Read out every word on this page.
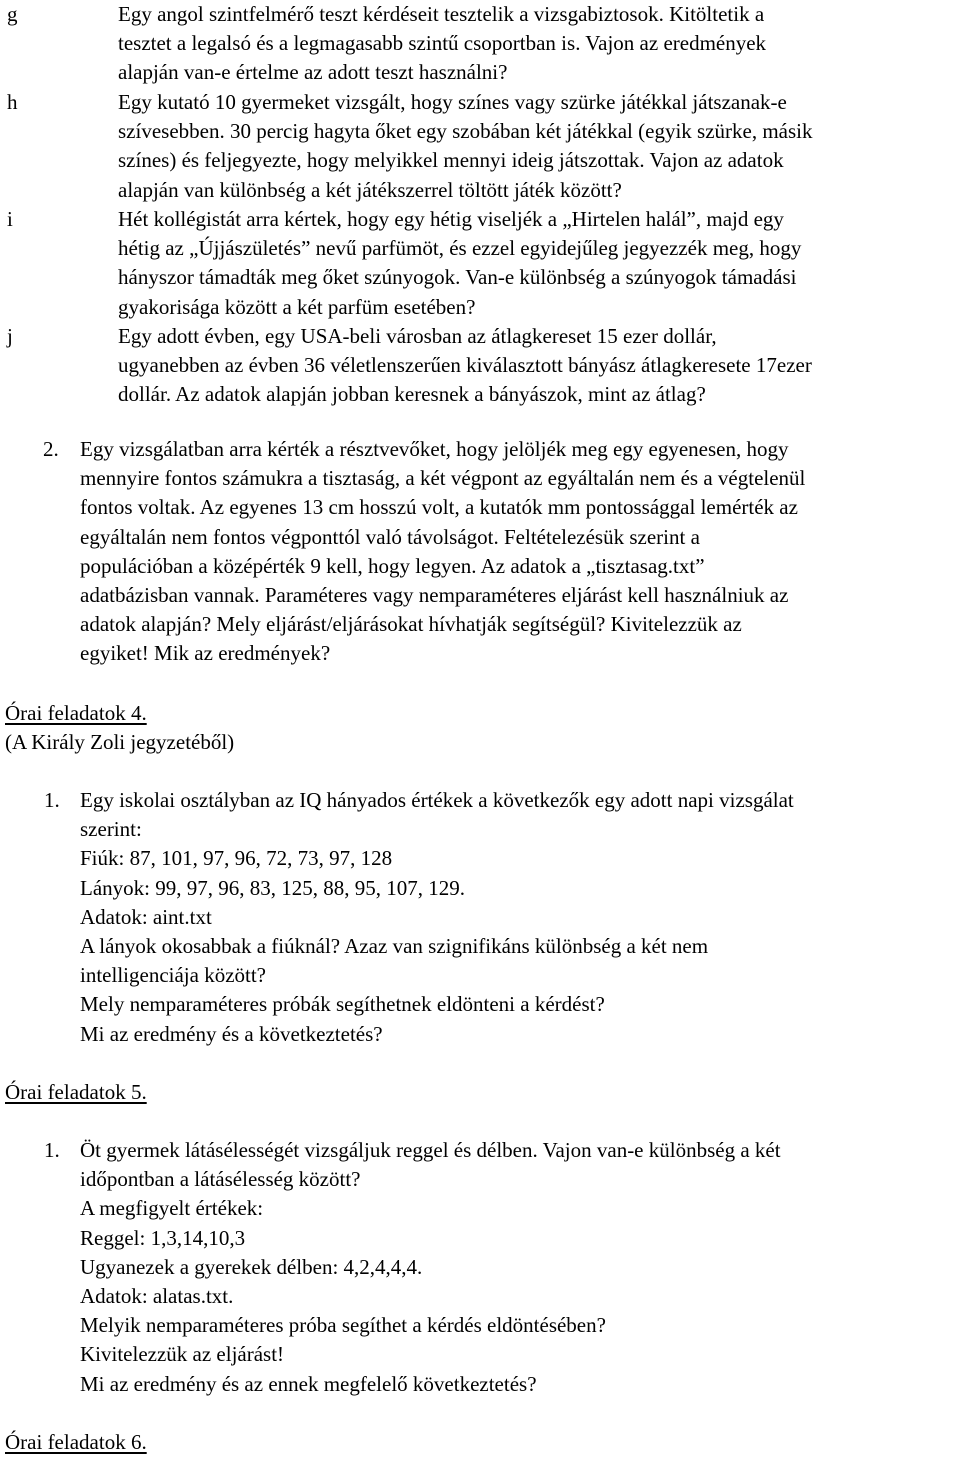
g	Egy angol szintfelmérő teszt kérdéseit tesztelik a vizsgabiztosok. Kitöltetik a
tesztet a legalsó és a legmagasabb szintű csoportban is. Vajon az eredmények
alapján van-e értelme az adott teszt használni?
h	Egy kutató 10 gyermeket vizsgált, hogy színes vagy szürke játékkal játszanak-e
szívesebben. 30 percig hagyta őket egy szobában két játékkal (egyik szürke, másik
színes) és feljegyezte, hogy melyikkel mennyi ideig játszottak. Vajon az adatok
alapján van különbség a két játékszerrel töltött játék között?
i	Hét kollégistát arra kértek, hogy egy hétig viseljék a „Hirtelen halál”, majd egy
hétig az „Újjászületés” nevű parfümöt, és ezzel egyidejűleg jegyezzék meg, hogy
hányszor támadták meg őket szúnyogok. Van-e különbség a szúnyogok támadási
gyakorisága között a két parfüm esetében?
j	Egy adott évben, egy USA-beli városban az átlagkereset 15 ezer dollár,
ugyanebben az évben 36 véletlenszerűen kiválasztott bányász átlagkeresete 17ezer
dollár. Az adatok alapján jobban keresnek a bányászok, mint az átlag?
2. Egy vizsgálatban arra kérték a résztvevőket, hogy jelöljék meg egy egyenesen, hogy
mennyire fontos számukra a tisztaság, a két végpont az egyáltalán nem és a végtelenül
fontos voltak. Az egyenes 13 cm hosszú volt, a kutatók mm pontossággal lemérték az
egyáltalán nem fontos végponttól való távolságot. Feltételezésük szerint a
populációban a középérték 9 kell, hogy legyen. Az adatok a „tisztasag.txt”
adatbázisban vannak. Paraméteres vagy nemparaméteres eljárást kell használniuk az
adatok alapján? Mely eljárást/eljárásokat hívhatják segítségül? Kivitelezzük az
egyiket! Mik az eredmények?
Órai feladatok 4.
(A Király Zoli jegyzetéből)
1. Egy iskolai osztályban az IQ hányados értékek a következők egy adott napi vizsgálat
szerint:
Fiúk: 87, 101, 97, 96, 72, 73, 97, 128
Lányok: 99, 97, 96, 83, 125, 88, 95, 107, 129.
Adatok: aint.txt
A lányok okosabbak a fiúknál? Azaz van szignifikáns különbség a két nem
intelligenciája között?
Mely nemparaméteres próbák segíthetnek eldönteni a kérdést?
Mi az eredmény és a következtetés?
Órai feladatok 5.
1. Öt gyermek látásélességét vizsgáljuk reggel és délben. Vajon van-e különbség a két
időpontban a látásélesség között?
A megfigyelt értékek:
Reggel: 1,3,14,10,3
Ugyanezek a gyerekek délben: 4,2,4,4,4.
Adatok: alatas.txt.
Melyik nemparaméteres próba segíthet a kérdés eldöntésében?
Kivitelezzük az eljárást!
Mi az eredmény és az ennek megfelelő következtetés?
Órai feladatok 6.
